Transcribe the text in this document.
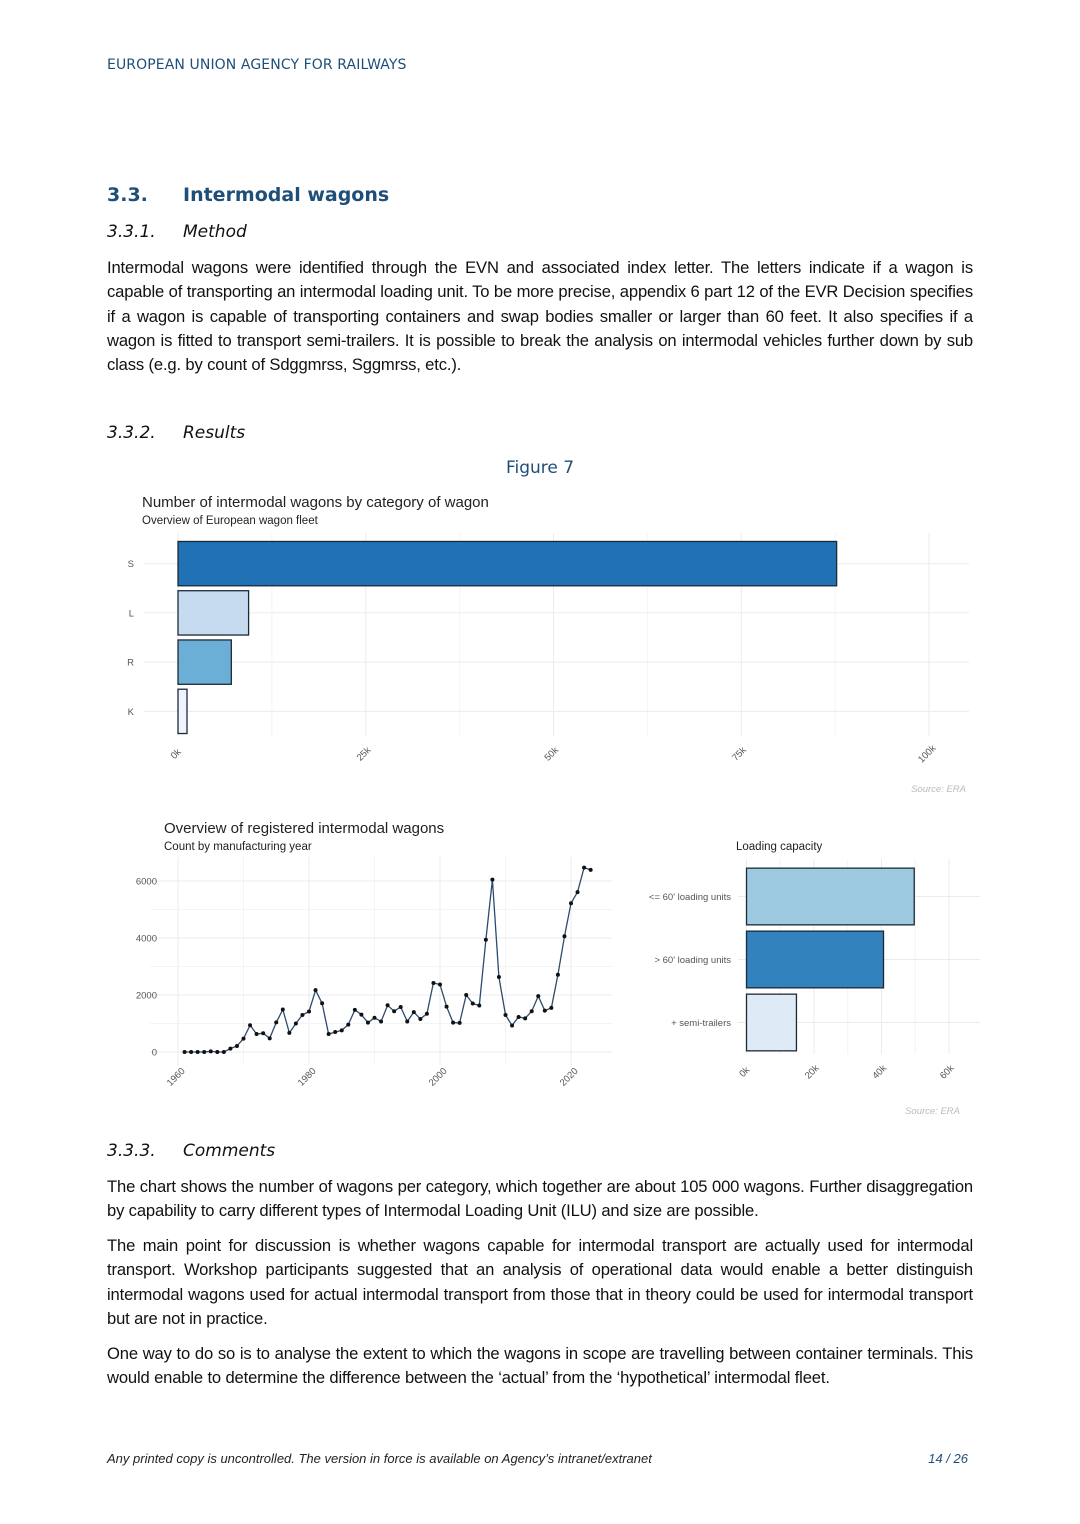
EUROPEAN UNION AGENCY FOR RAILWAYS
3.3. Intermodal wagons
3.3.1. Method
Intermodal wagons were identified through the EVN and associated index letter. The letters indicate if a wagon is capable of transporting an intermodal loading unit. To be more precise, appendix 6 part 12 of the EVR Decision specifies if a wagon is capable of transporting containers and swap bodies smaller or larger than 60 feet. It also specifies if a wagon is fitted to transport semi-trailers. It is possible to break the analysis on intermodal vehicles further down by sub class (e.g. by count of Sdggmrss, Sggmrss, etc.).
3.3.2. Results
Figure 7
Number of intermodal wagons by category of wagon
Overview of European wagon fleet
S
L
R
K
0k	25k	50k	75k	100k
Source: ERA
Overview of registered intermodal wagons
Count by manufacturing year
1960	1980	2000	2020
0
2000
4000
6000
Loading capacity
<= 60' loading units
> 60' loading units
+ semi-trailers
0k	20k	40k	60k
Source: ERA
3.3.3. Comments
The chart shows the number of wagons per category, which together are about 105 000 wagons. Further disaggregation by capability to carry different types of Intermodal Loading Unit (ILU) and size are possible.
The main point for discussion is whether wagons capable for intermodal transport are actually used for intermodal transport. Workshop participants suggested that an analysis of operational data would enable a better distinguish intermodal wagons used for actual intermodal transport from those that in theory could be used for intermodal transport but are not in practice.
One way to do so is to analyse the extent to which the wagons in scope are travelling between container terminals. This would enable to determine the difference between the ‘actual’ from the ‘hypothetical’ intermodal fleet.
Any printed copy is uncontrolled. The version in force is available on Agency’s intranet/extranet	14 / 26
